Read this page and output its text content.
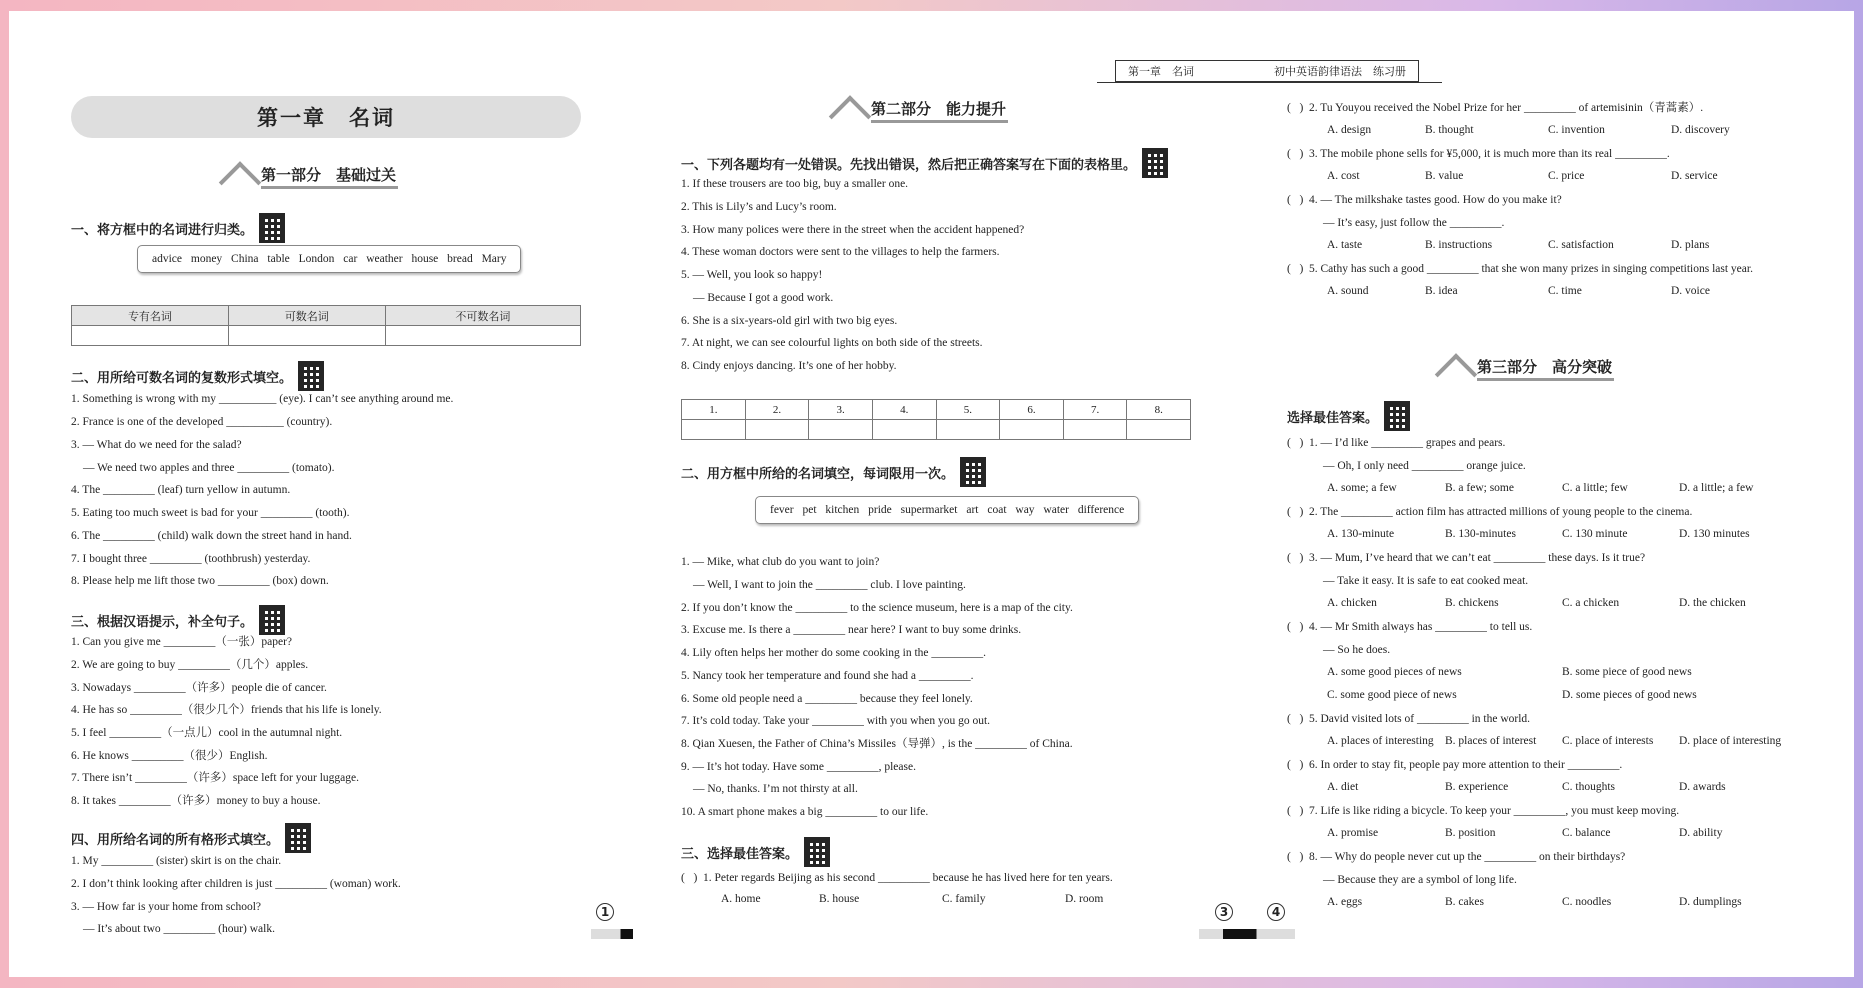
第一章　名词	初中英语韵律语法　练习册
第一章　名词
第一部分　基础过关
一、将方框中的名词进行归类。
advice money China table London car weather house bread Mary
专有名词	可数名词	不可数名词

二、用所给可数名词的复数形式填空。
1. Something is wrong with my __________ (eye). I can’t see anything around me.
2. France is one of the developed __________ (country).
3. — What do we need for the salad?
— We need two apples and three _________ (tomato).
4. The _________ (leaf) turn yellow in autumn.
5. Eating too much sweet is bad for your _________ (tooth).
6. The _________ (child) walk down the street hand in hand.
7. I bought three _________ (toothbrush) yesterday.
8. Please help me lift those two _________ (box) down.
三、根据汉语提示，补全句子。
1. Can you give me _________（一张）paper?
2. We are going to buy _________（几个）apples.
3. Nowadays _________（许多）people die of cancer.
4. He has so _________（很少几个）friends that his life is lonely.
5. I feel _________（一点儿）cool in the autumnal night.
6. He knows _________（很少）English.
7. There isn’t _________（许多）space left for your luggage.
8. It takes _________（许多）money to buy a house.
四、用所给名词的所有格形式填空。
1. My _________ (sister) skirt is on the chair.
2. I don’t think looking after children is just _________ (woman) work.
3. — How far is your home from school?
— It’s about two _________ (hour) walk.
1
第二部分　能力提升
一、下列各题均有一处错误。先找出错误，然后把正确答案写在下面的表格里。
1. If these trousers are too big, buy a smaller one.
2. This is Lily’s and Lucy’s room.
3. How many polices were there in the street when the accident happened?
4. These woman doctors were sent to the villages to help the farmers.
5. — Well, you look so happy!
— Because I got a good work.
6. She is a six-years-old girl with two big eyes.
7. At night, we can see colourful lights on both side of the streets.
8. Cindy enjoys dancing. It’s one of her hobby.
1.	2.	3.	4.	5.	6.	7.	8.

二、用方框中所给的名词填空，每词限用一次。
fever pet kitchen pride supermarket art coat way water difference
1. — Mike, what club do you want to join?
— Well, I want to join the _________ club. I love painting.
2. If you don’t know the _________ to the science museum, here is a map of the city.
3. Excuse me. Is there a _________ near here? I want to buy some drinks.
4. Lily often helps her mother do some cooking in the _________.
5. Nancy took her temperature and found she had a _________.
6. Some old people need a _________ because they feel lonely.
7. It’s cold today. Take your _________ with you when you go out.
8. Qian Xuesen, the Father of China’s Missiles（导弹）, is the _________ of China.
9. — It’s hot today. Have some _________, please.
— No, thanks. I’m not thirsty at all.
10. A smart phone makes a big _________ to our life.
三、选择最佳答案。
(   ) 1. Peter regards Beijing as his second _________ because he has lived here for ten years.
A. home	B. house	C. family	D. room
3	4
(   ) 2. Tu Youyou received the Nobel Prize for her _________ of artemisinin（青蒿素）.
A. design	B. thought	C. invention	D. discovery
(   ) 3. The mobile phone sells for ¥5,000, it is much more than its real _________.
A. cost	B. value	C. price	D. service
(   ) 4. — The milkshake tastes good. How do you make it?
— It’s easy, just follow the _________.
A. taste	B. instructions	C. satisfaction	D. plans
(   ) 5. Cathy has such a good _________ that she won many prizes in singing competitions last year.
A. sound	B. idea	C. time	D. voice
第三部分　高分突破
选择最佳答案。
(   ) 1. — I’d like _________ grapes and pears.
— Oh, I only need _________ orange juice.
A. some; a few	B. a few; some	C. a little; few	D. a little; a few
(   ) 2. The _________ action film has attracted millions of young people to the cinema.
A. 130-minute	B. 130-minutes	C. 130 minute	D. 130 minutes
(   ) 3. — Mum, I’ve heard that we can’t eat _________ these days. Is it true?
— Take it easy. It is safe to eat cooked meat.
A. chicken	B. chickens	C. a chicken	D. the chicken
(   ) 4. — Mr Smith always has _________ to tell us.
— So he does.
A. some good pieces of news	B. some piece of good news
C. some good piece of news	D. some pieces of good news
(   ) 5. David visited lots of _________ in the world.
A. places of interesting B. places of interest	C. place of interests	D. place of interesting
(   ) 6. In order to stay fit, people pay more attention to their _________.
A. diet	B. experience	C. thoughts	D. awards
(   ) 7. Life is like riding a bicycle. To keep your _________, you must keep moving.
A. promise	B. position	C. balance	D. ability
(   ) 8. — Why do people never cut up the _________ on their birthdays?
— Because they are a symbol of long life.
A. eggs	B. cakes	C. noodles	D. dumplings
